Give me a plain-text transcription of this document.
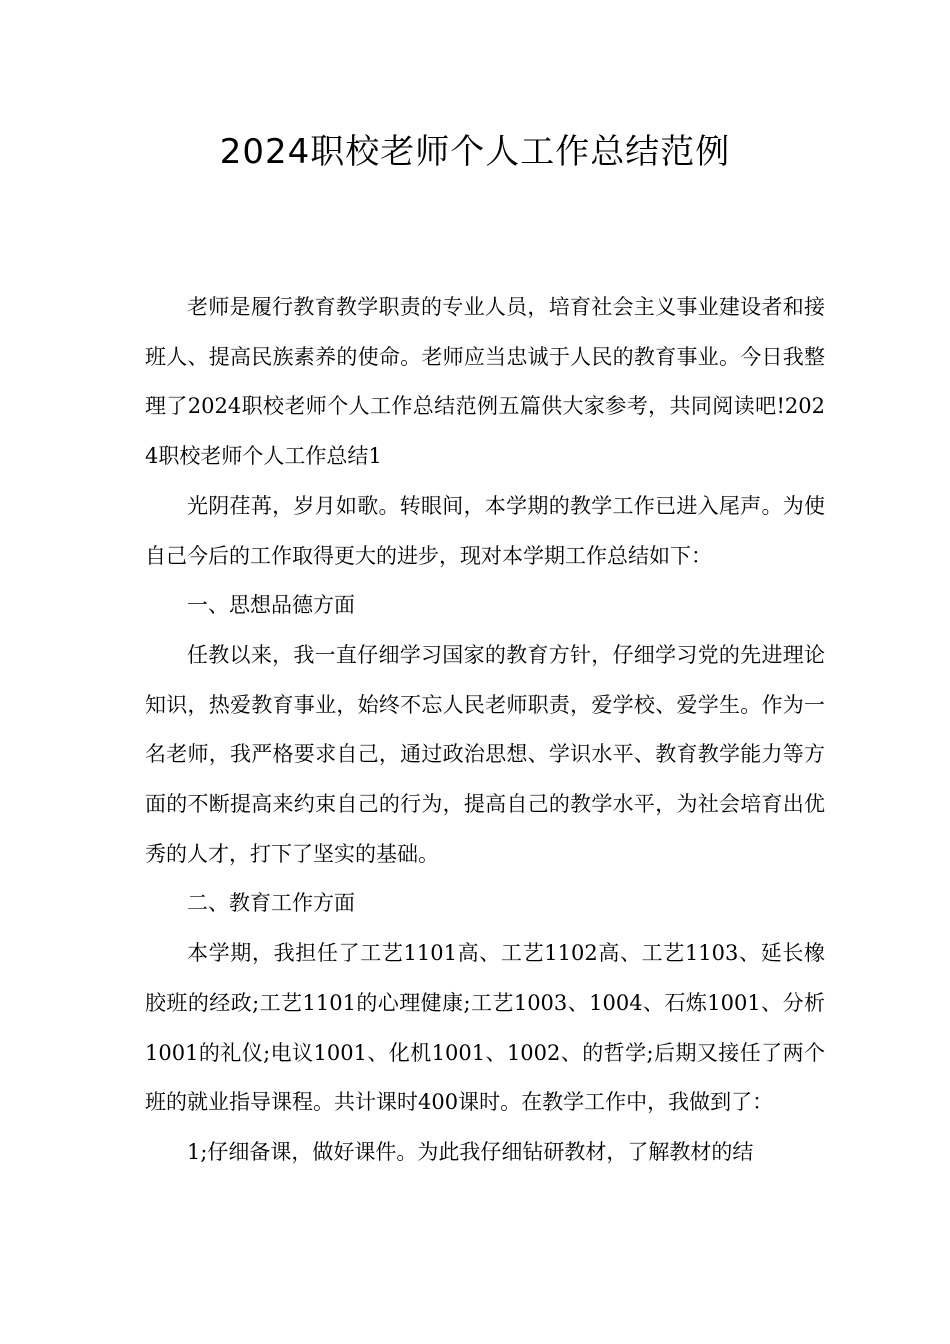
2024职校老师个人工作总结范例

老师是履行教育教学职责的专业人员，培育社会主义事业建设者和接班人、提高民族素养的使命。老师应当忠诚于人民的教育事业。今日我整理了2024职校老师个人工作总结范例五篇供大家参考，共同阅读吧!2024职校老师个人工作总结1

光阴荏苒，岁月如歌。转眼间，本学期的教学工作已进入尾声。为使自己今后的工作取得更大的进步，现对本学期工作总结如下：

一、思想品德方面

任教以来，我一直仔细学习国家的教育方针，仔细学习党的先进理论知识，热爱教育事业，始终不忘人民老师职责，爱学校、爱学生。作为一名老师，我严格要求自己，通过政治思想、学识水平、教育教学能力等方面的不断提高来约束自己的行为，提高自己的教学水平，为社会培育出优秀的人才，打下了坚实的基础。

二、教育工作方面

本学期，我担任了工艺1101高、工艺1102高、工艺1103、延长橡胶班的经政;工艺1101的心理健康;工艺1003、1004、石炼1001、分析1001的礼仪;电议1001、化机1001、1002、的哲学;后期又接任了两个班的就业指导课程。共计课时400课时。在教学工作中，我做到了：

1;仔细备课，做好课件。为此我仔细钻研教材，了解教材的结
